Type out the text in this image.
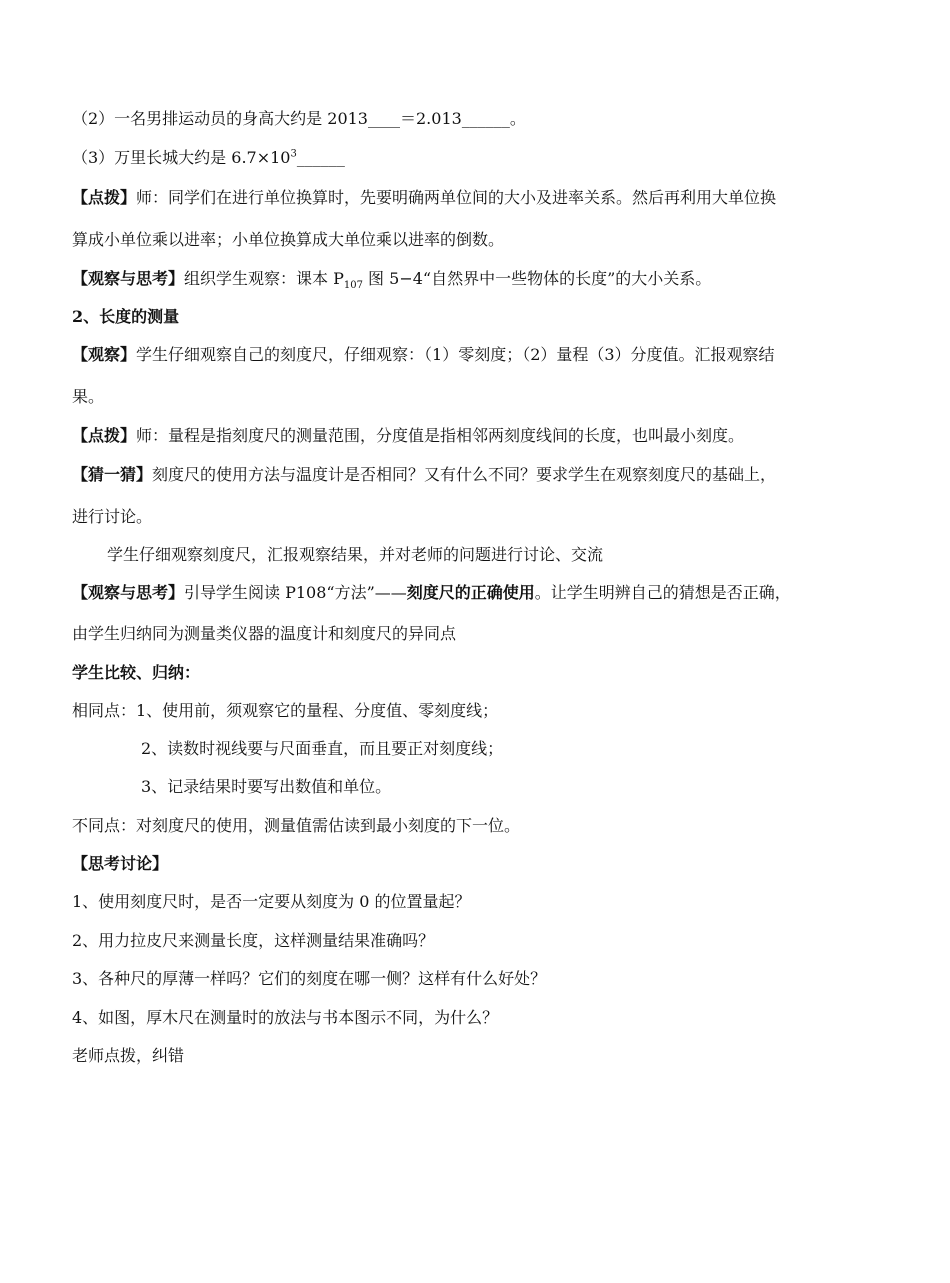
（2）一名男排运动员的身高大约是 2013____＝2.013______。
（3）万里长城大约是 $6.7\times 10^3\_\_\_\_\_\_$
【点拨】师：同学们在进行单位换算时，先要明确两单位间的大小及进率关系。然后再利用大单位换
算成小单位乘以进率；小单位换算成大单位乘以进率的倒数。
【观察与思考】组织学生观察：课本 $P_{107}$ 图 5−4“自然界中一些物体的长度”的大小关系。
2、长度的测量
【观察】学生仔细观察自己的刻度尺，仔细观察：（1）零刻度；（2）量程（3）分度值。汇报观察结
果。
【点拨】师：量程是指刻度尺的测量范围，分度值是指相邻两刻度线间的长度，也叫最小刻度。
【猜一猜】刻度尺的使用方法与温度计是否相同？又有什么不同？要求学生在观察刻度尺的基础上，
进行讨论。
学生仔细观察刻度尺，汇报观察结果，并对老师的问题进行讨论、交流
【观察与思考】引导学生阅读 P108“方法”——刻度尺的正确使用。让学生明辨自己的猜想是否正确，
由学生归纳同为测量类仪器的温度计和刻度尺的异同点
学生比较、归纳：
相同点：1、使用前，须观察它的量程、分度值、零刻度线；
2、读数时视线要与尺面垂直，而且要正对刻度线；
3、记录结果时要写出数值和单位。
不同点：对刻度尺的使用，测量值需估读到最小刻度的下一位。
【思考讨论】
1、使用刻度尺时，是否一定要从刻度为 0 的位置量起？
2、用力拉皮尺来测量长度，这样测量结果准确吗？
3、各种尺的厚薄一样吗？它们的刻度在哪一侧？这样有什么好处？
4、如图，厚木尺在测量时的放法与书本图示不同，为什么？
老师点拨，纠错
